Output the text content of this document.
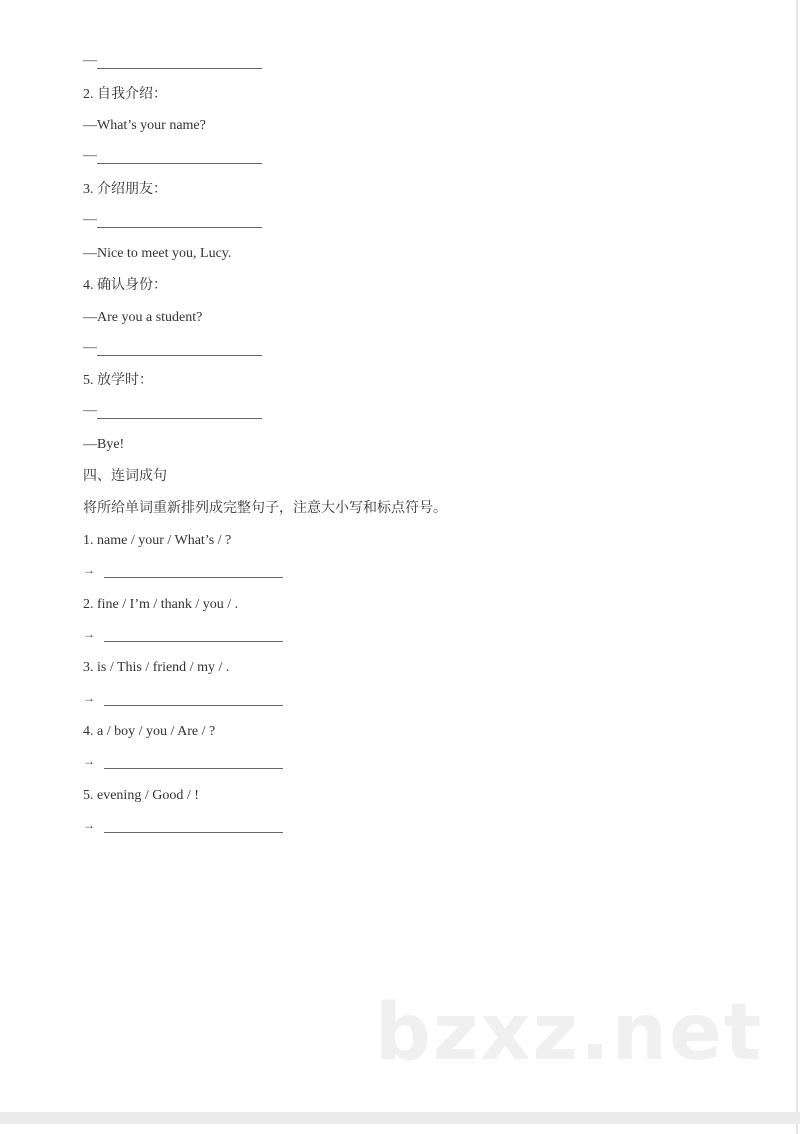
—
2. 自我介绍：
—What’s your name?
—
3. 介绍朋友：
—
—Nice to meet you, Lucy.
4. 确认身份：
—Are you a student?
—
5. 放学时：
—
—Bye!
四、连词成句
将所给单词重新排列成完整句子，注意大小写和标点符号。
1. name / your / What’s / ?
→
2. fine / I’m / thank / you / .
→
3. is / This / friend / my / .
→
4. a / boy / you / Are / ?
→
5. evening / Good / !
→
bzxz.net
